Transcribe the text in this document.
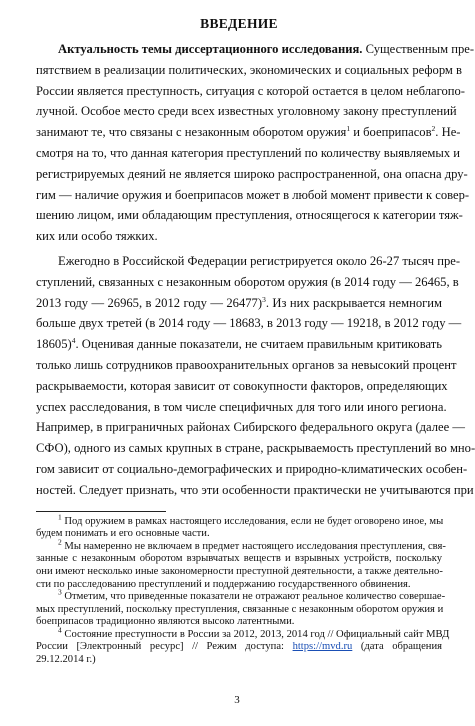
ВВЕДЕНИЕ
Актуальность темы диссертационного исследования. Существенным пре-
пятствием в реализации политических, экономических и социальных реформ в
России является преступность, ситуация с которой остается в целом неблагопо-
лучной. Особое место среди всех известных уголовному закону преступлений
занимают те, что связаны с незаконным оборотом оружия$^1$ и боеприпасов$^2$. Не-
смотря на то, что данная категория преступлений по количеству выявляемых и
регистрируемых деяний не является широко распространенной, она опасна дру-
гим — наличие оружия и боеприпасов может в любой момент привести к совер-
шению лицом, ими обладающим преступления, относящегося к категории тяж-
ких или особо тяжких.
Ежегодно в Российской Федерации регистрируется около 26-27 тысяч пре-
ступлений, связанных с незаконным оборотом оружия (в 2014 году — 26465, в
2013 году — 26965, в 2012 году — 26477)$^3$. Из них раскрывается немногим
больше двух третей (в 2014 году — 18683, в 2013 году — 19218, в 2012 году —
18605)$^4$. Оценивая данные показатели, не считаем правильным критиковать
только лишь сотрудников правоохранительных органов за невысокий процент
раскрываемости, которая зависит от совокупности факторов, определяющих
успех расследования, в том числе специфичных для того или иного региона.
Например, в приграничных районах Сибирского федерального округа (далее —
СФО), одного из самых крупных в стране, раскрываемость преступлений во мно-
гом зависит от социально-демографических и природно-климатических особен-
ностей. Следует признать, что эти особенности практически не учитываются при
$^1$ Под оружием в рамках настоящего исследования, если не будет оговорено иное, мы
будем понимать и его основные части.
$^2$ Мы намеренно не включаем в предмет настоящего исследования преступления, свя-
занные с незаконным оборотом взрывчатых веществ и взрывных устройств, поскольку
они имеют несколько иные закономерности преступной деятельности, а также деятельно-
сти по расследованию преступлений и поддержанию государственного обвинения.
$^3$ Отметим, что приведенные показатели не отражают реальное количество совершае-
мых преступлений, поскольку преступления, связанные с незаконным оборотом оружия и
боеприпасов традиционно являются высоко латентными.
$^4$ Состояние преступности в России за 2012, 2013, 2014 год // Официальный сайт МВД
России [Электронный ресурс] // Режим доступа: https://mvd.ru (дата обращения
29.12.2014 г.)
3
